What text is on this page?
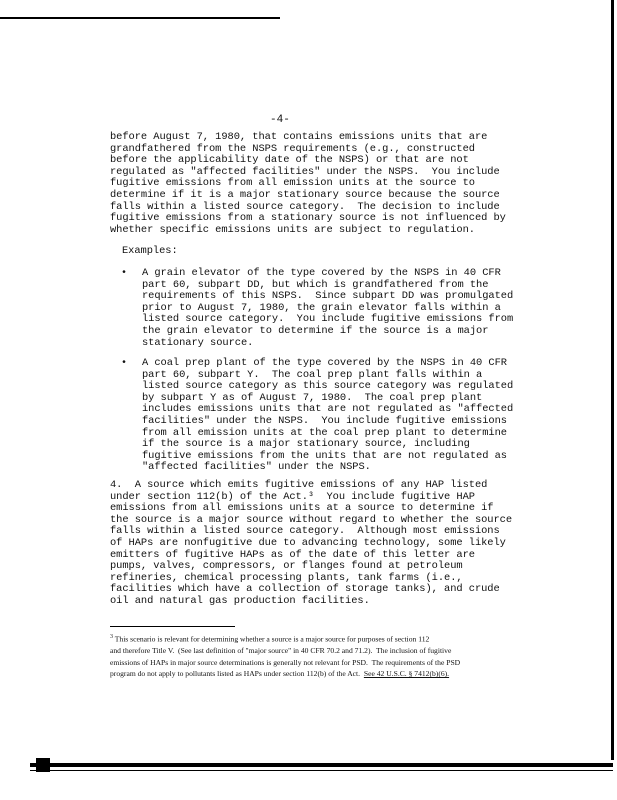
-4-

before August 7, 1980, that contains emissions units that are
grandfathered from the NSPS requirements (e.g., constructed
before the applicability date of the NSPS) or that are not
regulated as "affected facilities" under the NSPS.  You include
fugitive emissions from all emission units at the source to
determine if it is a major stationary source because the source
falls within a listed source category.  The decision to include
fugitive emissions from a stationary source is not influenced by
whether specific emissions units are subject to regulation.

Examples:

• A grain elevator of the type covered by the NSPS in 40 CFR
part 60, subpart DD, but which is grandfathered from the
requirements of this NSPS.  Since subpart DD was promulgated
prior to August 7, 1980, the grain elevator falls within a
listed source category.  You include fugitive emissions from
the grain elevator to determine if the source is a major
stationary source.

• A coal prep plant of the type covered by the NSPS in 40 CFR
part 60, subpart Y.  The coal prep plant falls within a
listed source category as this source category was regulated
by subpart Y as of August 7, 1980.  The coal prep plant
includes emissions units that are not regulated as "affected
facilities" under the NSPS.  You include fugitive emissions
from all emission units at the coal prep plant to determine
if the source is a major stationary source, including
fugitive emissions from the units that are not regulated as
"affected facilities" under the NSPS.

4.  A source which emits fugitive emissions of any HAP listed
under section 112(b) of the Act.³  You include fugitive HAP
emissions from all emissions units at a source to determine if
the source is a major source without regard to whether the source
falls within a listed source category.  Although most emissions
of HAPs are nonfugitive due to advancing technology, some likely
emitters of fugitive HAPs as of the date of this letter are
pumps, valves, compressors, or flanges found at petroleum
refineries, chemical processing plants, tank farms (i.e.,
facilities which have a collection of storage tanks), and crude
oil and natural gas production facilities.

$^3$ This scenario is relevant for determining whether a source is a major source for purposes of section 112
and therefore Title V.  (See last definition of "major source" in 40 CFR 70.2 and 71.2).  The inclusion of fugitive
emissions of HAPs in major source determinations is generally not relevant for PSD.  The requirements of the PSD
program do not apply to pollutants listed as HAPs under section 112(b) of the Act.  See 42 U.S.C. § 7412(b)(6).
